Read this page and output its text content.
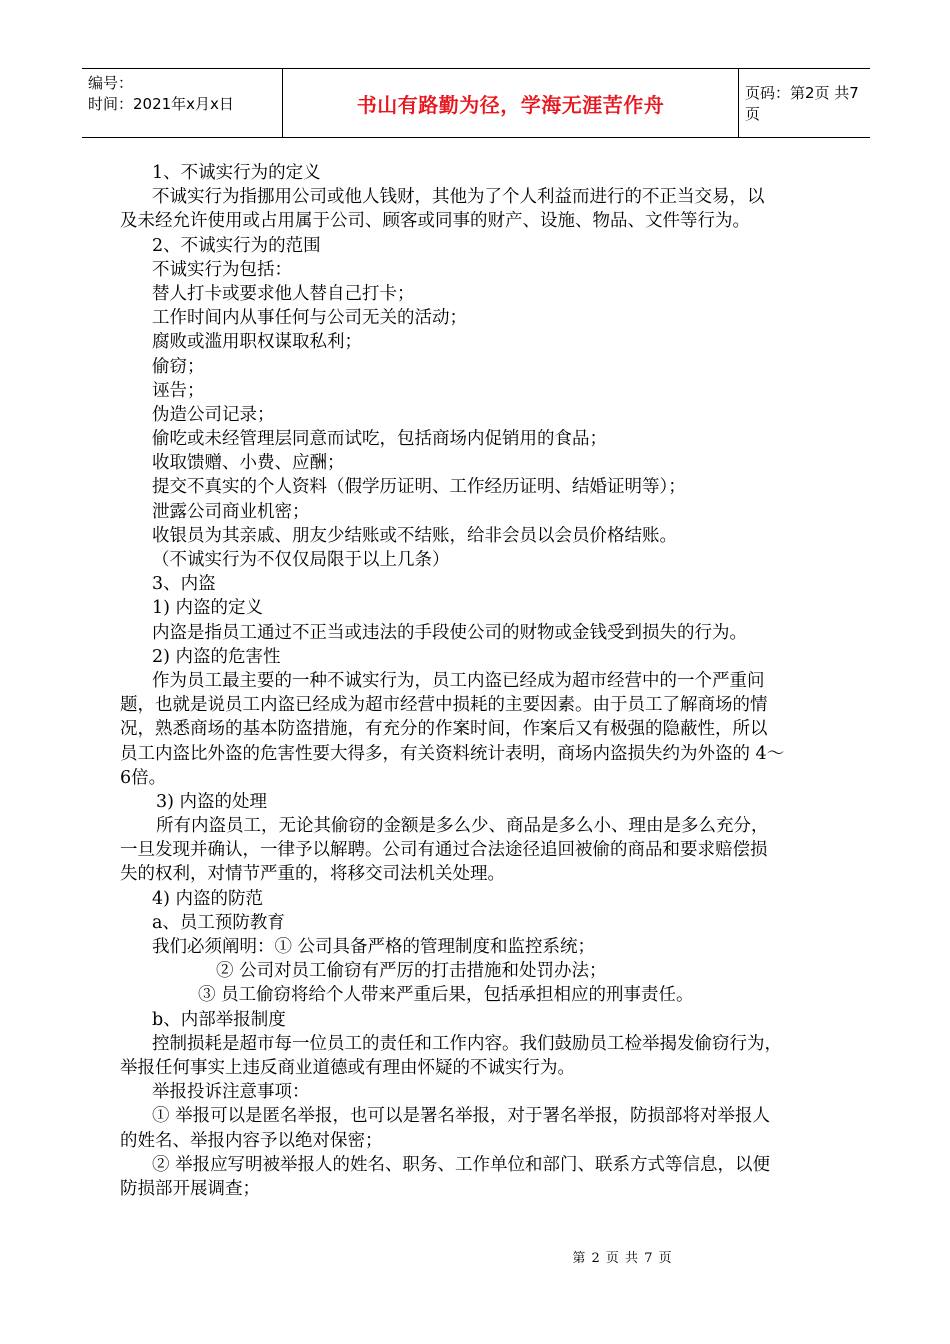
编号：
时间：2021年x月x日	书山有路勤为径，学海无涯苦作舟	页码：第2页 共7页
1、不诚实行为的定义
不诚实行为指挪用公司或他人钱财，其他为了个人利益而进行的不正当交易，以
及未经允许使用或占用属于公司、顾客或同事的财产、设施、物品、文件等行为。
2、不诚实行为的范围
不诚实行为包括：
替人打卡或要求他人替自己打卡；
工作时间内从事任何与公司无关的活动；
腐败或滥用职权谋取私利；
偷窃；
诬告；
伪造公司记录；
偷吃或未经管理层同意而试吃，包括商场内促销用的食品；
收取馈赠、小费、应酬；
提交不真实的个人资料（假学历证明、工作经历证明、结婚证明等）；
泄露公司商业机密；
收银员为其亲戚、朋友少结账或不结账，给非会员以会员价格结账。
（不诚实行为不仅仅局限于以上几条）
3、内盗
1) 内盗的定义
内盗是指员工通过不正当或违法的手段使公司的财物或金钱受到损失的行为。
2) 内盗的危害性
作为员工最主要的一种不诚实行为，员工内盗已经成为超市经营中的一个严重问
题，也就是说员工内盗已经成为超市经营中损耗的主要因素。由于员工了解商场的情
况，熟悉商场的基本防盗措施，有充分的作案时间，作案后又有极强的隐蔽性，所以
员工内盗比外盗的危害性要大得多，有关资料统计表明，商场内盗损失约为外盗的 4～
6倍。
3) 内盗的处理
所有内盗员工，无论其偷窃的金额是多么少、商品是多么小、理由是多么充分，
一旦发现并确认，一律予以解聘。公司有通过合法途径追回被偷的商品和要求赔偿损
失的权利，对情节严重的，将移交司法机关处理。
4) 内盗的防范
a、员工预防教育
我们必须阐明：① 公司具备严格的管理制度和监控系统；
② 公司对员工偷窃有严厉的打击措施和处罚办法；
③ 员工偷窃将给个人带来严重后果，包括承担相应的刑事责任。
b、内部举报制度
控制损耗是超市每一位员工的责任和工作内容。我们鼓励员工检举揭发偷窃行为，
举报任何事实上违反商业道德或有理由怀疑的不诚实行为。
举报投诉注意事项：
① 举报可以是匿名举报，也可以是署名举报，对于署名举报，防损部将对举报人
的姓名、举报内容予以绝对保密；
② 举报应写明被举报人的姓名、职务、工作单位和部门、联系方式等信息，以便
防损部开展调查；
第 2 页 共 7 页
